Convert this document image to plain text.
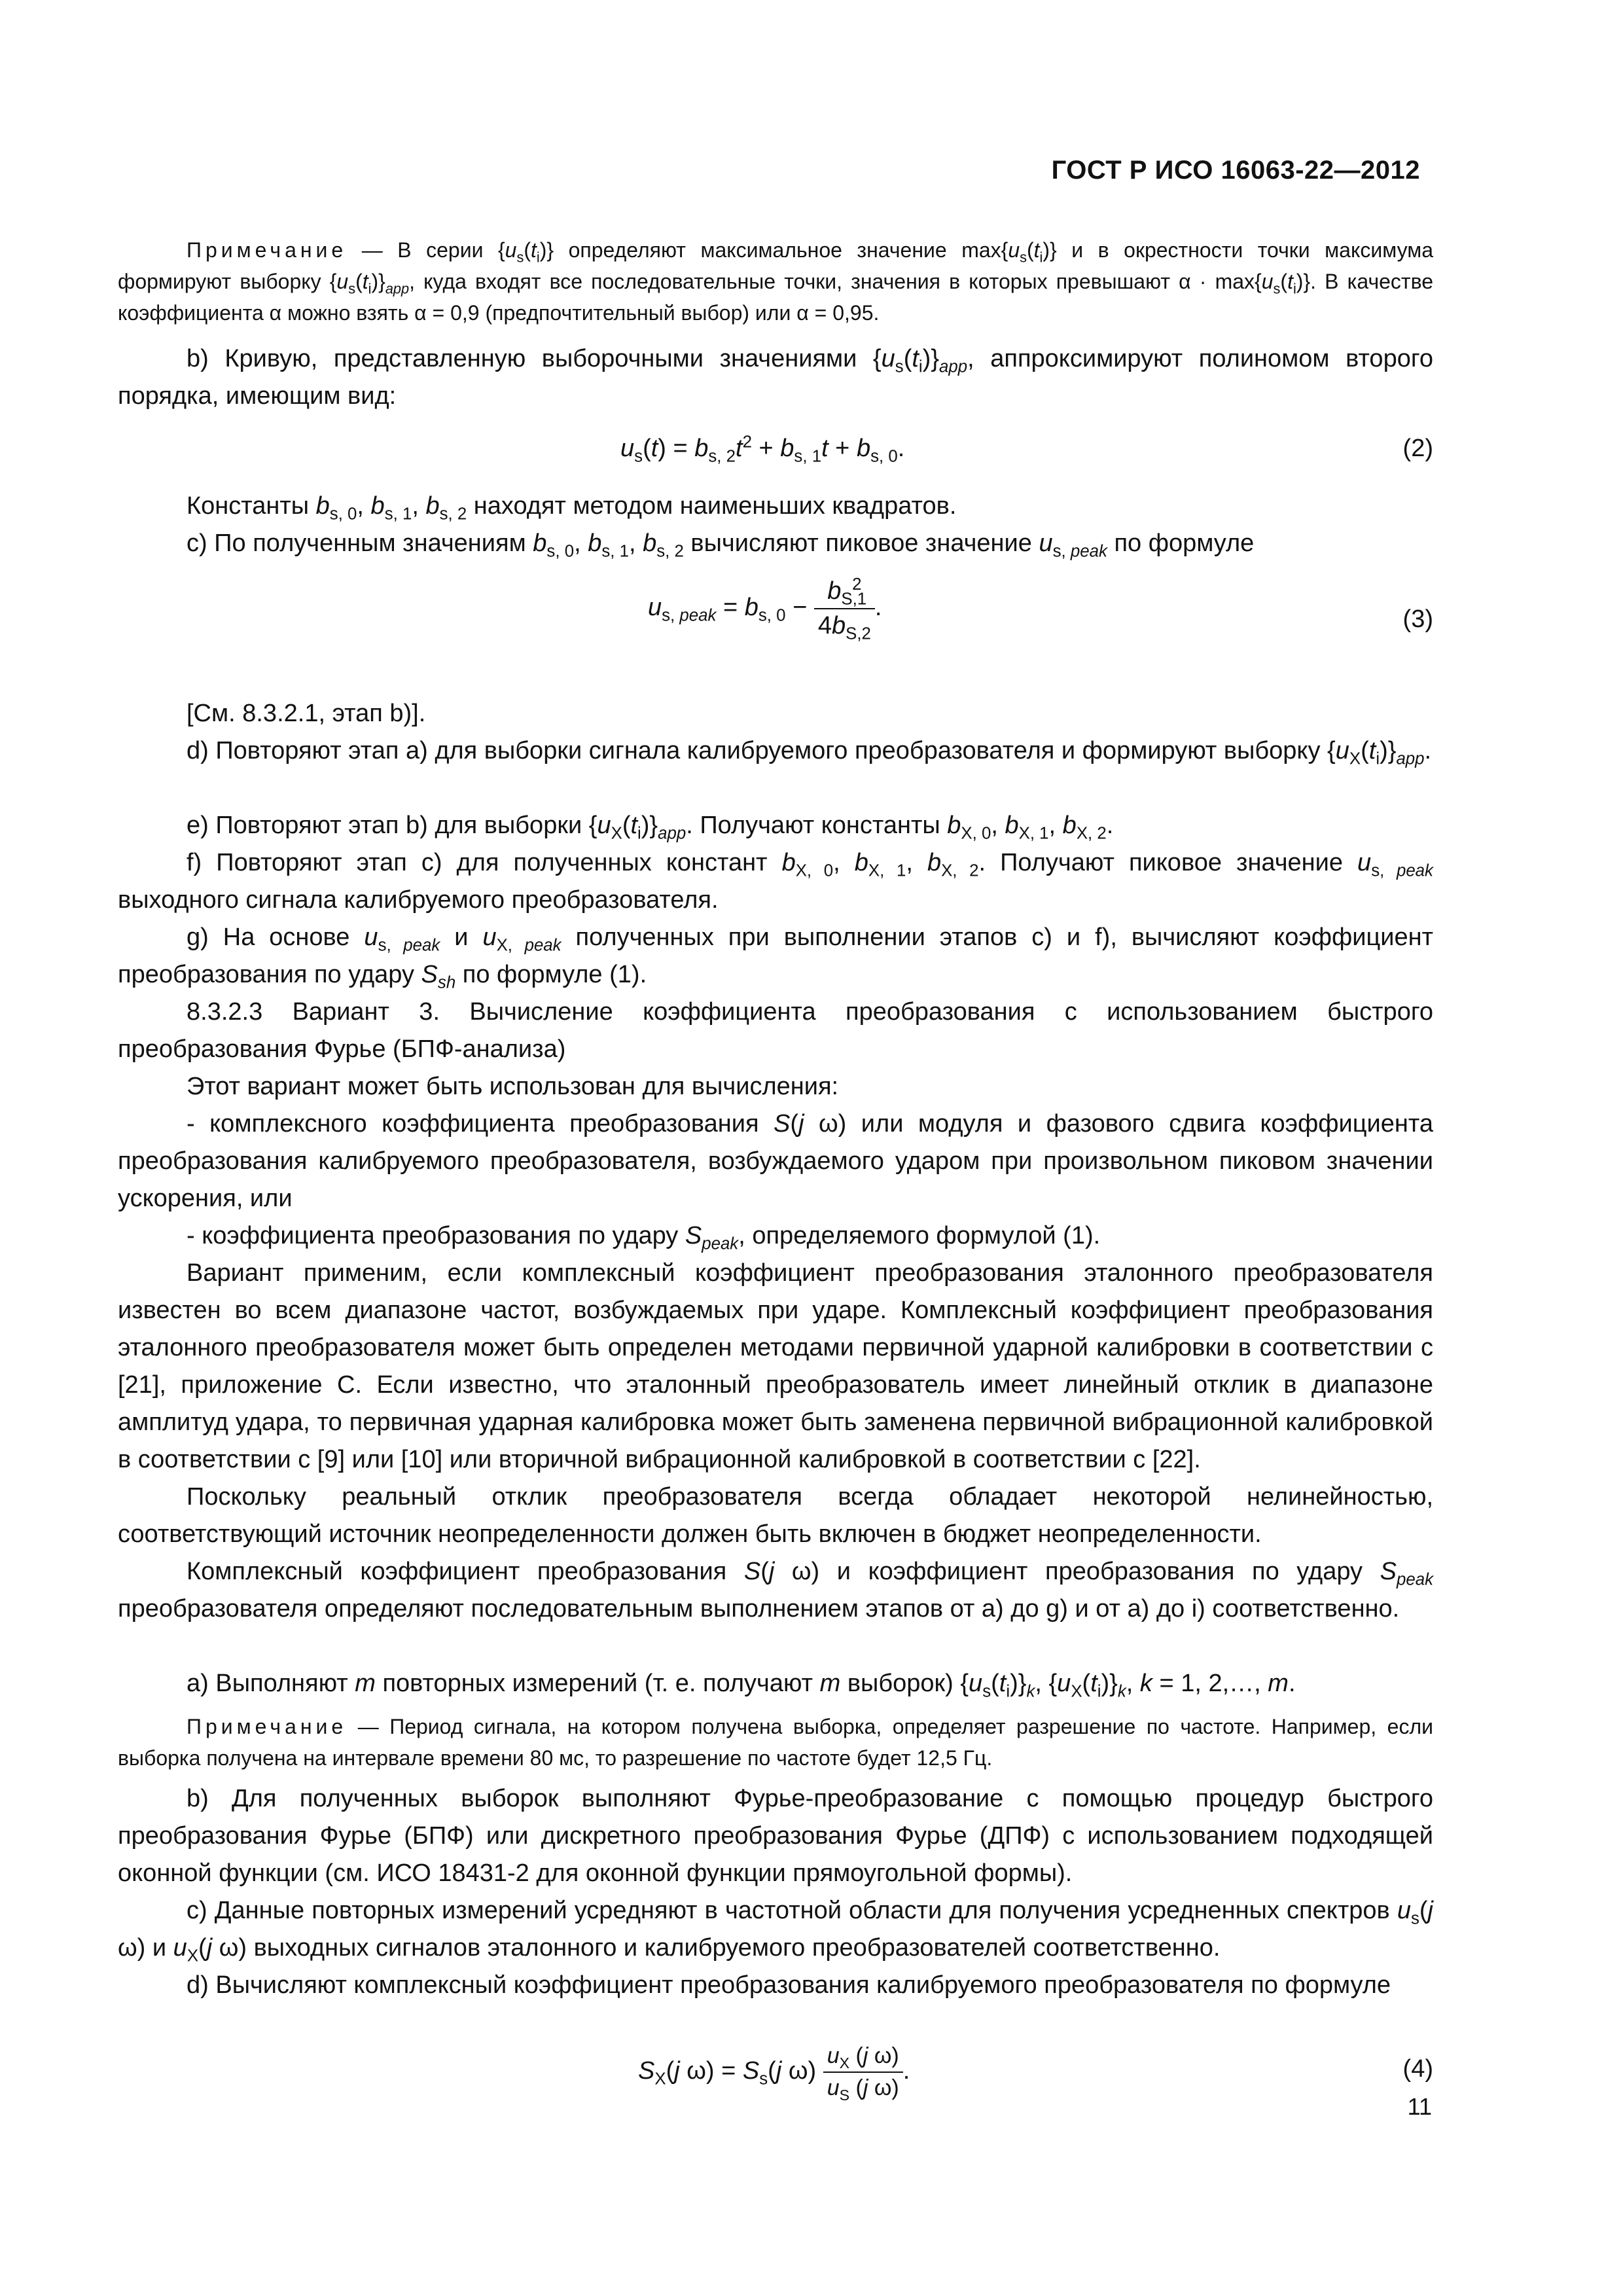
ГОСТ Р ИСО 16063-22—2012
Примечание — В серии $\{u_s(t_i)\}$ определяют максимальное значение $\max\{u_s(t_i)\}$ и в окрестности точки максимума формируют выборку $\{u_s(t_i)\}_{app}$, куда входят все последовательные точки, значения в которых превышают $\alpha \cdot \max\{u_s(t_i)\}$. В качестве коэффициента α можно взять α = 0,9 (предпочтительный выбор) или α = 0,95.
b) Кривую, представленную выборочными значениями $\{u_s(t_i)\}_{app}$, аппроксимируют полиномом второго порядка, имеющим вид:
$u_s(t) = b_{s, 2}t^2 + b_{s, 1}t + b_{s, 0}$.	(2)
Константы $b_{s, 0}$, $b_{s, 1}$, $b_{s, 2}$ находят методом наименьших квадратов.
c) По полученным значениям $b_{s, 0}$, $b_{s, 1}$, $b_{s, 2}$ вычисляют пиковое значение $u_{s, peak}$ по формуле
$u_{s, peak} = b_{s, 0} - \frac{b_{S,1}^2}{4b_{S,2}}$ .	(3)
[См. 8.3.2.1, этап b)].
d) Повторяют этап a) для выборки сигнала калибруемого преобразователя и формируют выборку $\{u_X(t_i)\}_{app}$.
e) Повторяют этап b) для выборки $\{u_X(t_i)\}_{app}$. Получают константы $b_{X, 0}$, $b_{X, 1}$, $b_{X, 2}$.
f) Повторяют этап c) для полученных констант $b_{X, 0}$, $b_{X, 1}$, $b_{X, 2}$. Получают пиковое значение $u_{s, peak}$ выходного сигнала калибруемого преобразователя.
g) На основе $u_{s, peak}$ и $u_{X, peak}$ полученных при выполнении этапов c) и f), вычисляют коэффициент преобразования по удару $S_{sh}$ по формуле (1).
8.3.2.3 Вариант 3. Вычисление коэффициента преобразования с использованием быстрого преобразования Фурье (БПФ-анализа)
Этот вариант может быть использован для вычисления:
- комплексного коэффициента преобразования S(j ω) или модуля и фазового сдвига коэффициента преобразования калибруемого преобразователя, возбуждаемого ударом при произвольном пиковом значении ускорения, или
- коэффициента преобразования по удару $S_{peak}$, определяемого формулой (1).
Вариант применим, если комплексный коэффициент преобразования эталонного преобразователя известен во всем диапазоне частот, возбуждаемых при ударе. Комплексный коэффициент преобразования эталонного преобразователя может быть определен методами первичной ударной калибровки в соответствии с [21], приложение C. Если известно, что эталонный преобразователь имеет линейный отклик в диапазоне амплитуд удара, то первичная ударная калибровка может быть заменена первичной вибрационной калибровкой в соответствии с [9] или [10] или вторичной вибрационной калибровкой в соответствии с [22].
Поскольку реальный отклик преобразователя всегда обладает некоторой нелинейностью, соответствующий источник неопределенности должен быть включен в бюджет неопределенности.
Комплексный коэффициент преобразования S(j ω) и коэффициент преобразования по удару $S_{peak}$ преобразователя определяют последовательным выполнением этапов от a) до g) и от a) до i) соответственно.
a) Выполняют m повторных измерений (т. е. получают m выборок) $\{u_s(t_i)\}_k$, $\{u_X(t_i)\}_k$, k = 1, 2,…, m.
Примечание — Период сигнала, на котором получена выборка, определяет разрешение по частоте. Например, если выборка получена на интервале времени 80 мс, то разрешение по частоте будет 12,5 Гц.
b) Для полученных выборок выполняют Фурье-преобразование с помощью процедур быстрого преобразования Фурье (БПФ) или дискретного преобразования Фурье (ДПФ) с использованием подходящей оконной функции (см. ИСО 18431-2 для оконной функции прямоугольной формы).
c) Данные повторных измерений усредняют в частотной области для получения усредненных спектров $u_s(j$ ω) и $u_X(j$ ω) выходных сигналов эталонного и калибруемого преобразователей соответственно.
d) Вычисляют комплексный коэффициент преобразования калибруемого преобразователя по формуле
$S_X(j$ $\omega) = S_s(j$ $\omega) \frac{u_X (j \omega)}{u_S (j \omega)}$ .	(4)
11
